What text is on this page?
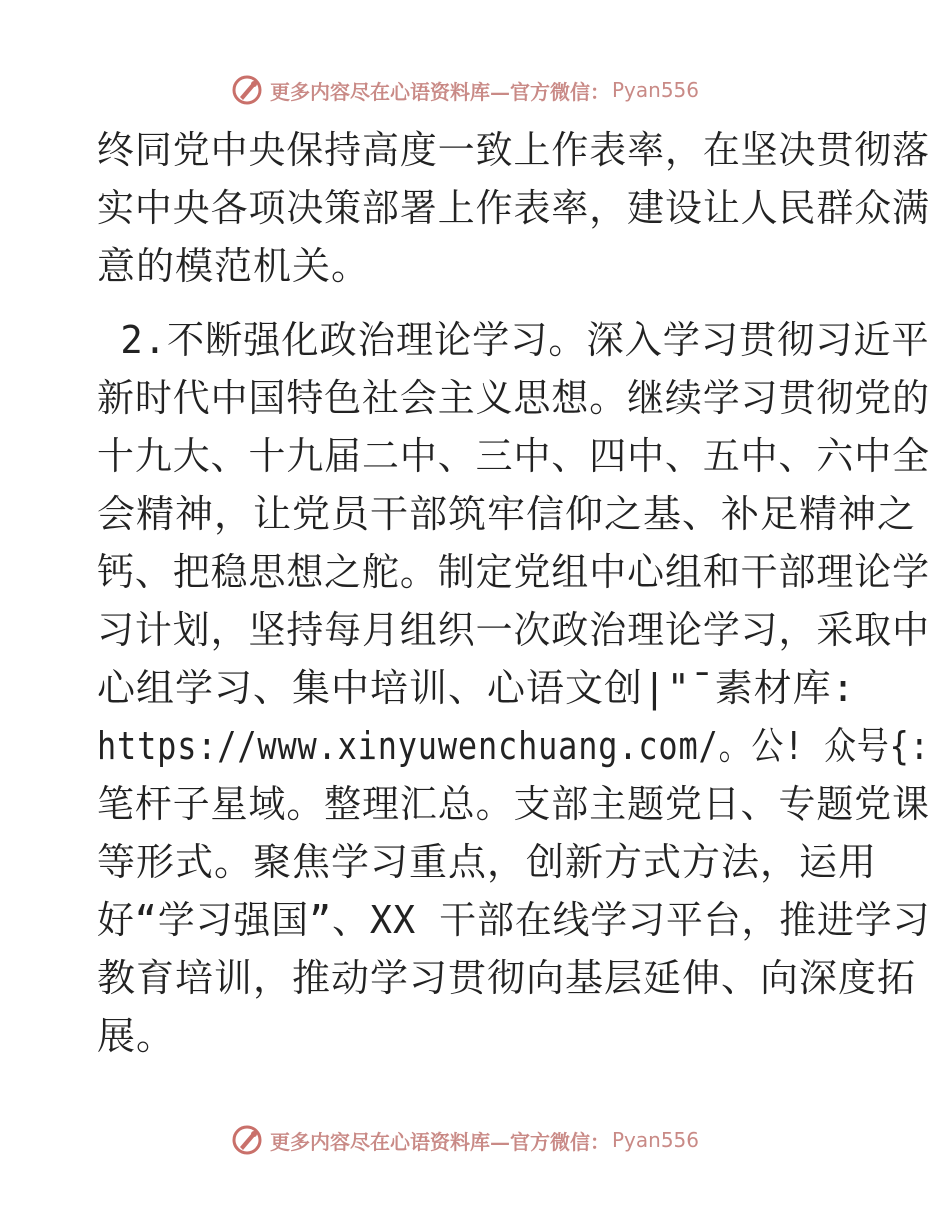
更多内容尽在心语资料库—官方微信： Pyan556
终同党中央保持高度一致上作表率，在坚决贯彻落
实中央各项决策部署上作表率，建设让人民群众满
意的模范机关。
2.不断强化政治理论学习。深入学习贯彻习近平
新时代中国特色社会主义思想。继续学习贯彻党的
十九大、十九届二中、三中、四中、五中、六中全
会精神，让党员干部筑牢信仰之基、补足精神之
钙、把稳思想之舵。制定党组中心组和干部理论学
习计划，坚持每月组织一次政治理论学习，采取中
心组学习、集中培训、心语文创|"¯素材库:
https://www.xinyuwenchuang.com/。公! 众号{:
笔杆子星域。整理汇总。支部主题党日、专题党课
等形式。聚焦学习重点，创新方式方法，运用
好“学习强国”、XX 干部在线学习平台，推进学习
教育培训，推动学习贯彻向基层延伸、向深度拓
展。
更多内容尽在心语资料库—官方微信： Pyan556
